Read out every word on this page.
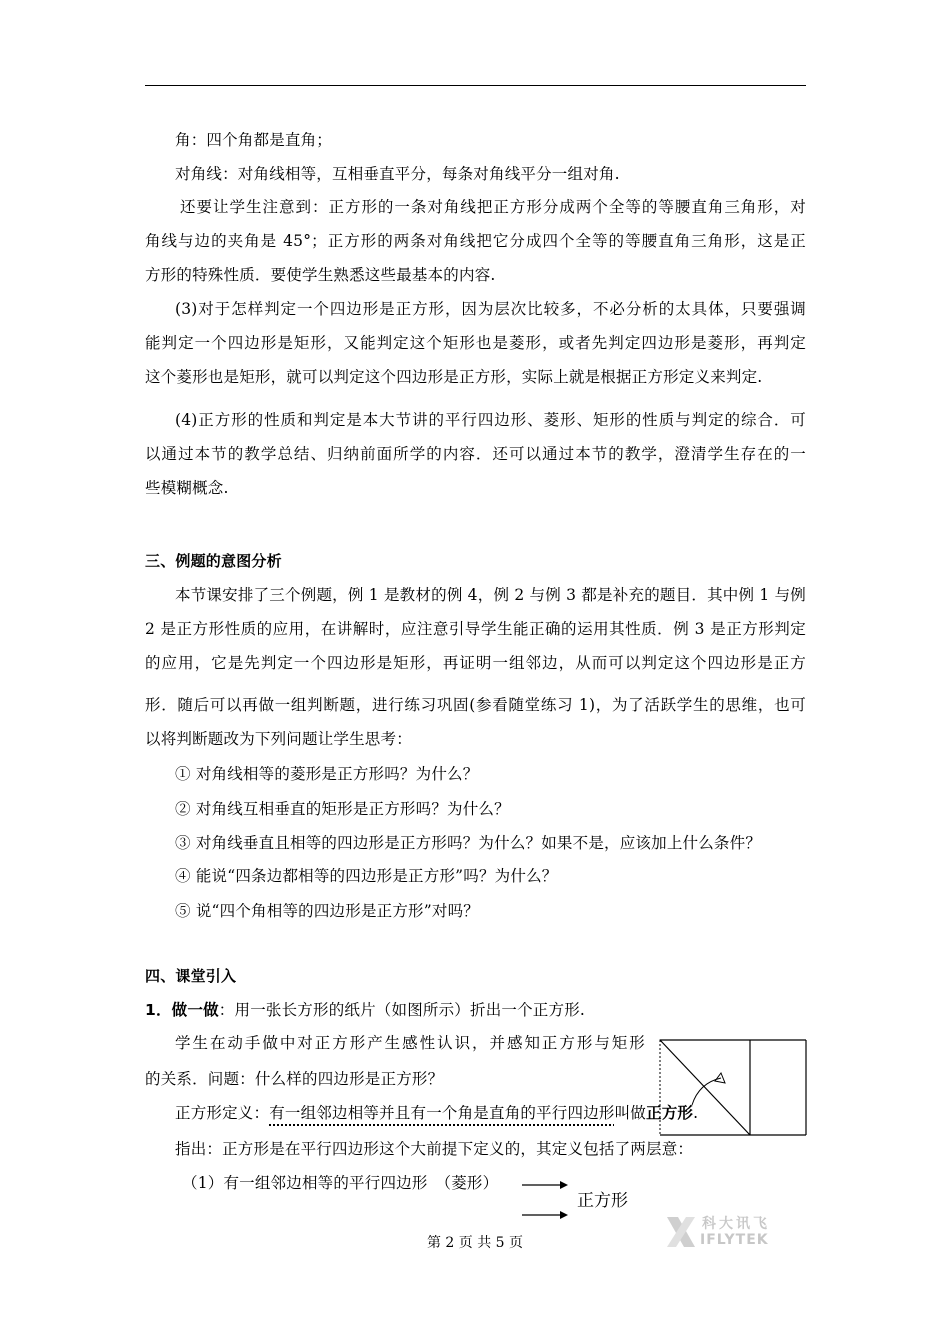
角：四个角都是直角；
对角线：对角线相等，互相垂直平分，每条对角线平分一组对角.
还要让学生注意到：正方形的一条对角线把正方形分成两个全等的等腰直角三角形，对
角线与边的夹角是 45°；正方形的两条对角线把它分成四个全等的等腰直角三角形，这是正
方形的特殊性质．要使学生熟悉这些最基本的内容.
(3)对于怎样判定一个四边形是正方形，因为层次比较多，不必分析的太具体，只要强调
能判定一个四边形是矩形，又能判定这个矩形也是菱形，或者先判定四边形是菱形，再判定
这个菱形也是矩形，就可以判定这个四边形是正方形，实际上就是根据正方形定义来判定.
(4)正方形的性质和判定是本大节讲的平行四边形、菱形、矩形的性质与判定的综合．可
以通过本节的教学总结、归纳前面所学的内容．还可以通过本节的教学，澄清学生存在的一
些模糊概念.
三、例题的意图分析
本节课安排了三个例题，例 1 是教材的例 4，例 2 与例 3 都是补充的题目．其中例 1 与例
2 是正方形性质的应用，在讲解时，应注意引导学生能正确的运用其性质．例 3 是正方形判定
的应用，它是先判定一个四边形是矩形，再证明一组邻边，从而可以判定这个四边形是正方
形．随后可以再做一组判断题，进行练习巩固(参看随堂练习 1)，为了活跃学生的思维，也可
以将判断题改为下列问题让学生思考：
① 对角线相等的菱形是正方形吗？为什么？
② 对角线互相垂直的矩形是正方形吗？为什么？
③ 对角线垂直且相等的四边形是正方形吗？为什么？如果不是，应该加上什么条件？
④ 能说“四条边都相等的四边形是正方形”吗？为什么？
⑤ 说“四个角相等的四边形是正方形”对吗？
四、课堂引入
1．做一做：用一张长方形的纸片（如图所示）折出一个正方形.
学生在动手做中对正方形产生感性认识，并感知正方形与矩形
的关系．问题：什么样的四边形是正方形？
正方形定义：有一组邻边相等并且有一个角是直角的平行四边形叫做正方形.
指出：正方形是在平行四边形这个大前提下定义的，其定义包括了两层意：
（1）有一组邻边相等的平行四边形　（菱形）
正方形
科大讯飞
IFLYTEK
第 2 页 共 5 页
